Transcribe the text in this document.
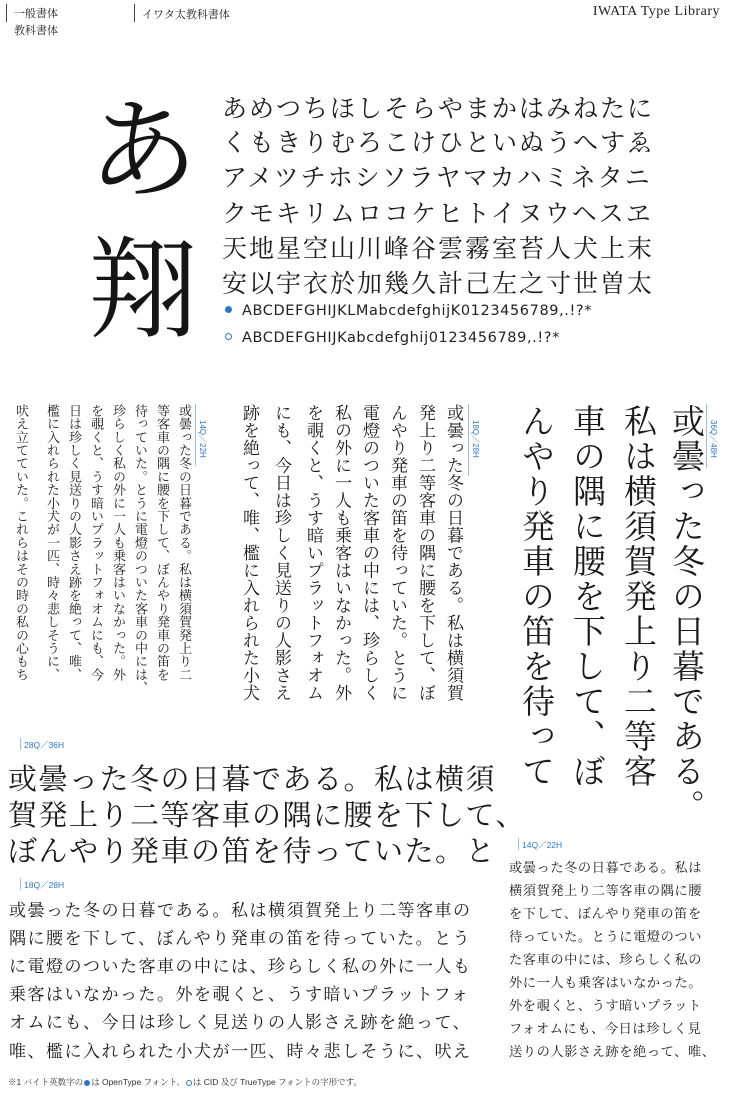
一般書体
教科書体
イワタ太教科書体	IWATA Type Library
あ
翔
あめつちほしそらやまかはみねたに
くもきりむろこけひといぬうへすゑ
アメツチホシソラヤマカハミネタニ
クモキリムロコケヒトイヌウヘスヱ
天地星空山川峰谷雲霧室苔人犬上末
安以宇衣於加幾久計己左之寸世曽太
ABCDEFGHIJKLMabcdefghijK0123456789,.!?*
ABCDEFGHIJKabcdefghij0123456789,.!?*
14Q／22H
或曇った冬の日暮である。私は横須賀発上り二
等客車の隅に腰を下して、ぼんやり発車の笛を
待っていた。とうに電燈のついた客車の中には、
珍らしく私の外に一人も乗客はいなかった。外
を覗くと、うす暗いプラットフォオムにも、今
日は珍しく見送りの人影さえ跡を絶って、唯、
檻に入れられた小犬が一匹、時々悲しそうに、
吠え立てていた。これらはその時の私の心もち	18Q／28H
或曇った冬の日暮である。私は横須賀
発上り二等客車の隅に腰を下して、ぼ
んやり発車の笛を待っていた。とうに
電燈のついた客車の中には、珍らしく
私の外に一人も乗客はいなかった。外
を覗くと、うす暗いプラットフォオム
にも、今日は珍しく見送りの人影さえ
跡を絶って、唯、檻に入れられた小犬	36Q／48H
或曇った冬の日暮である。
私は横須賀発上り二等客
車の隅に腰を下して、ぼ
んやり発車の笛を待って
28Q／36H
或曇った冬の日暮である。私は横須
賀発上り二等客車の隅に腰を下して、
ぼんやり発車の笛を待っていた。と
18Q／28H
或曇った冬の日暮である。私は横須賀発上り二等客車の
隅に腰を下して、ぼんやり発車の笛を待っていた。とう
に電燈のついた客車の中には、珍らしく私の外に一人も
乗客はいなかった。外を覗くと、うす暗いプラットフォ
オムにも、今日は珍しく見送りの人影さえ跡を絶って、
唯、檻に入れられた小犬が一匹、時々悲しそうに、吠え
14Q／22H
或曇った冬の日暮である。私は
横須賀発上り二等客車の隅に腰
を下して、ぼんやり発車の笛を
待っていた。とうに電燈のつい
た客車の中には、珍らしく私の
外に一人も乗客はいなかった。
外を覗くと、うす暗いプラット
フォオムにも、今日は珍しく見
送りの人影さえ跡を絶って、唯、
※1 バイト英数字の は OpenType フォント、 は CID 及び TrueType フォントの字形です。
